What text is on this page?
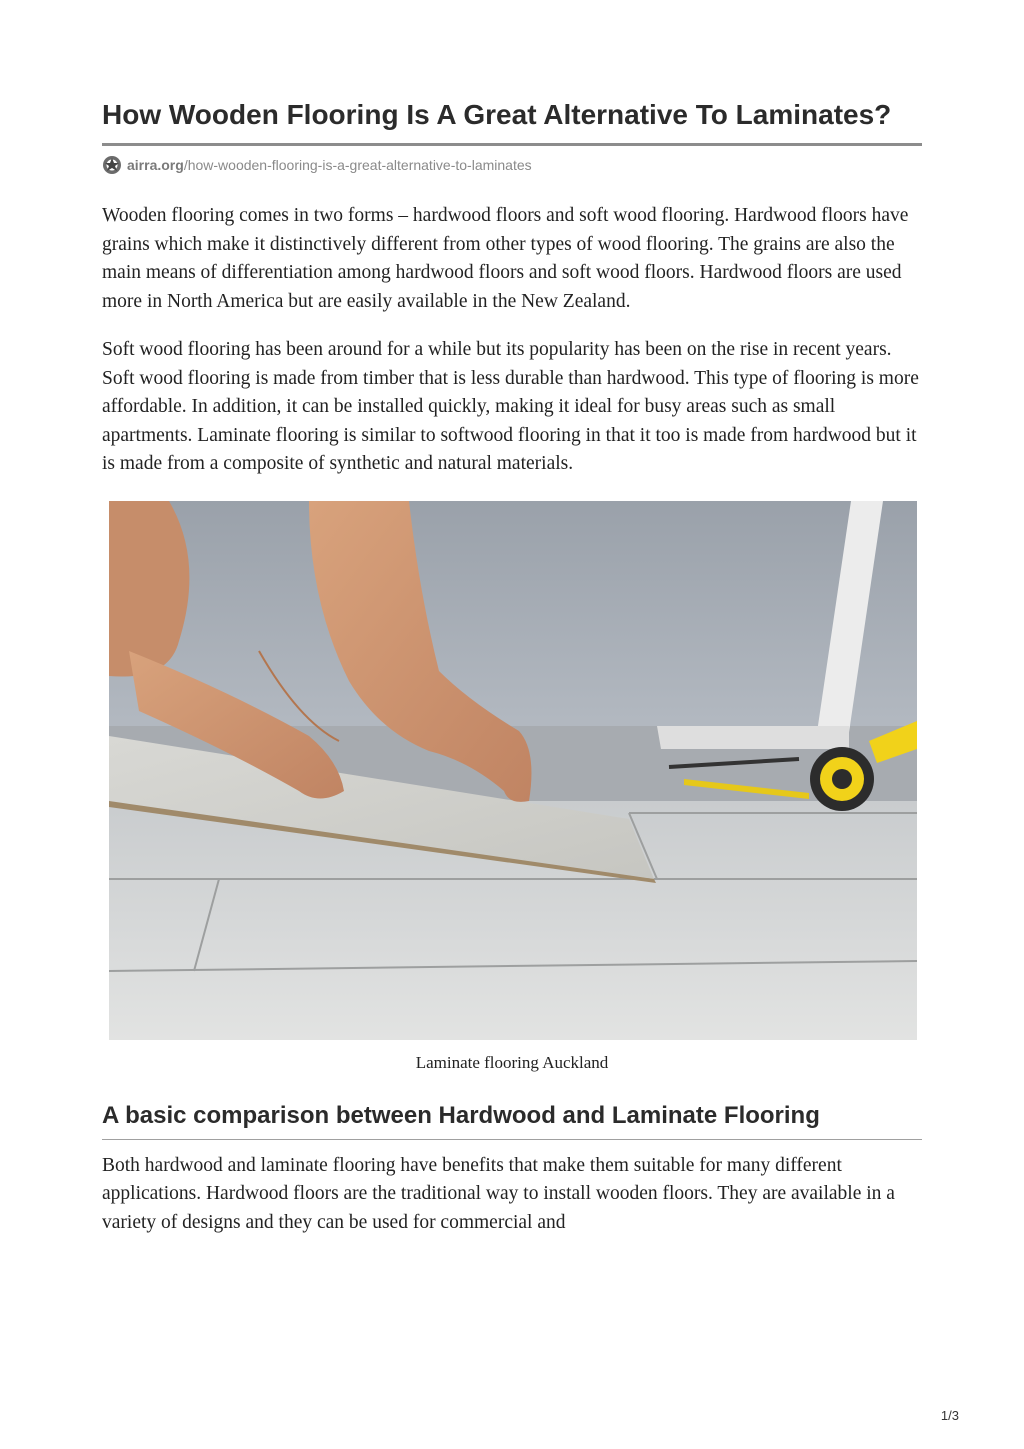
How Wooden Flooring Is A Great Alternative To Laminates?
airra.org /how-wooden-flooring-is-a-great-alternative-to-laminates

Wooden flooring comes in two forms – hardwood floors and soft wood flooring. Hardwood floors have grains which make it distinctively different from other types of wood flooring. The grains are also the main means of differentiation among hardwood floors and soft wood floors. Hardwood floors are used more in North America but are easily available in the New Zealand.

Soft wood flooring has been around for a while but its popularity has been on the rise in recent years. Soft wood flooring is made from timber that is less durable than hardwood. This type of flooring is more affordable. In addition, it can be installed quickly, making it ideal for busy areas such as small apartments. Laminate flooring is similar to softwood flooring in that it too is made from hardwood but it is made from a composite of synthetic and natural materials.

Laminate flooring Auckland
A basic comparison between Hardwood and Laminate Flooring

Both hardwood and laminate flooring have benefits that make them suitable for many different applications. Hardwood floors are the traditional way to install wooden floors. They are available in a variety of designs and they can be used for commercial and

1/3
